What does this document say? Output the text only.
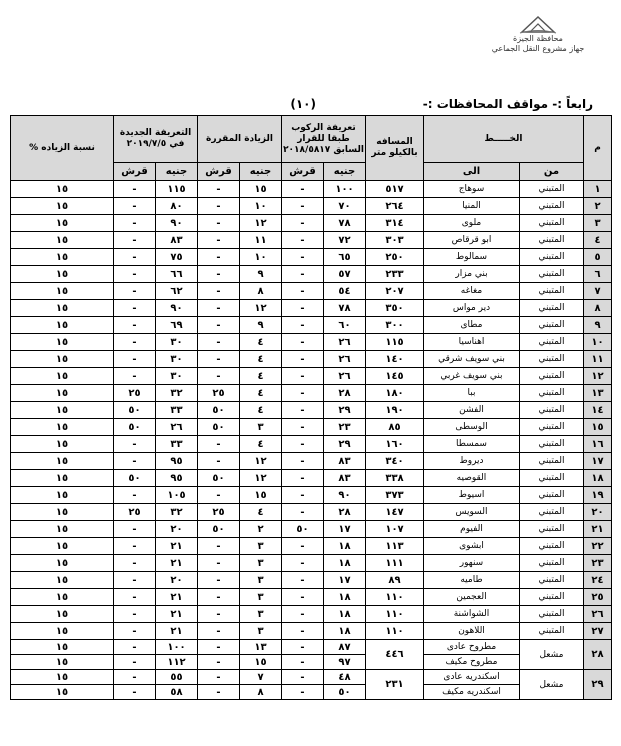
محافظة الجيزة
جهاز مشروع النقل الجماعي
رابعاً :- مواقف المحافظات :-
(١٠)
م	الخـــــط		المسافه بالكيلو متر	تعريفة الركوب طبقا للقرار السابق ٢٠١٨/٥٨١٧		الزيادة المقررة		التعريفة الجديدة في ٢٠١٩/٧/٥		نسبة الزياده %
	من	الى		جنيه	قرش	جنيه	قرش	جنيه	قرش	
١	المتبني	سوهاج	٥١٧	١٠٠	-	١٥	-	١١٥	-	١٥
٢	المتبني	المنيا	٢٦٤	٧٠	-	١٠	-	٨٠	-	١٥
٣	المتبني	ملوى	٣١٤	٧٨	-	١٢	-	٩٠	-	١٥
٤	المتبني	ابو قرقاص	٣٠٣	٧٢	-	١١	-	٨٣	-	١٥
٥	المتبني	سمالوط	٢٥٠	٦٥	-	١٠	-	٧٥	-	١٥
٦	المتبني	بني مزار	٢٣٣	٥٧	-	٩	-	٦٦	-	١٥
٧	المتبني	مغاغه	٢٠٧	٥٤	-	٨	-	٦٢	-	١٥
٨	المتبني	دير مواس	٣٥٠	٧٨	-	١٢	-	٩٠	-	١٥
٩	المتبني	مطاى	٣٠٠	٦٠	-	٩	-	٦٩	-	١٥
١٠	المتبني	اهناسيا	١١٥	٢٦	-	٤	-	٣٠	-	١٥
١١	المتبني	بني سويف شرقي	١٤٠	٢٦	-	٤	-	٣٠	-	١٥
١٢	المتبني	بني سويف غربي	١٤٥	٢٦	-	٤	-	٣٠	-	١٥
١٣	المتبني	ببا	١٨٠	٢٨	-	٤	٢٥	٣٢	٢٥	١٥
١٤	المتبني	الفشن	١٩٠	٢٩	-	٤	٥٠	٣٣	٥٠	١٥
١٥	المتبني	الوسطى	٨٥	٢٣	-	٣	٥٠	٢٦	٥٠	١٥
١٦	المتبني	سمسطا	١٦٠	٢٩	-	٤	-	٣٣	-	١٥
١٧	المتبني	ديروط	٣٤٠	٨٣	-	١٢	-	٩٥	-	١٥
١٨	المتبني	القوصيه	٣٣٨	٨٣	-	١٢	٥٠	٩٥	٥٠	١٥
١٩	المتبني	اسيوط	٣٧٣	٩٠	-	١٥	-	١٠٥	-	١٥
٢٠	المتبني	السويس	١٤٧	٢٨	-	٤	٢٥	٣٢	٢٥	١٥
٢١	المتبني	الفيوم	١٠٧	١٧	٥٠	٢	٥٠	٢٠	-	١٥
٢٢	المتبني	ابشوى	١١٣	١٨	-	٣	-	٢١	-	١٥
٢٣	المتبني	سنهور	١١١	١٨	-	٣	-	٢١	-	١٥
٢٤	المتبني	طاميه	٨٩	١٧	-	٣	-	٢٠	-	١٥
٢٥	المتبني	العجمين	١١٠	١٨	-	٣	-	٢١	-	١٥
٢٦	المتبني	الشواشنة	١١٠	١٨	-	٣	-	٢١	-	١٥
٢٧	المتبني	اللاهون	١١٠	١٨	-	٣	-	٢١	-	١٥
٢٨	مشعل	مطروح عادى	٤٤٦	٨٧	-	١٣	-	١٠٠	-	١٥
		مطروح مكيف		٩٧	-	١٥	-	١١٢	-	١٥
٢٩	مشعل	اسكندريه عادى	٢٣١	٤٨	-	٧	-	٥٥	-	١٥
		اسكندريه مكيف		٥٠	-	٨	-	٥٨	-	١٥
